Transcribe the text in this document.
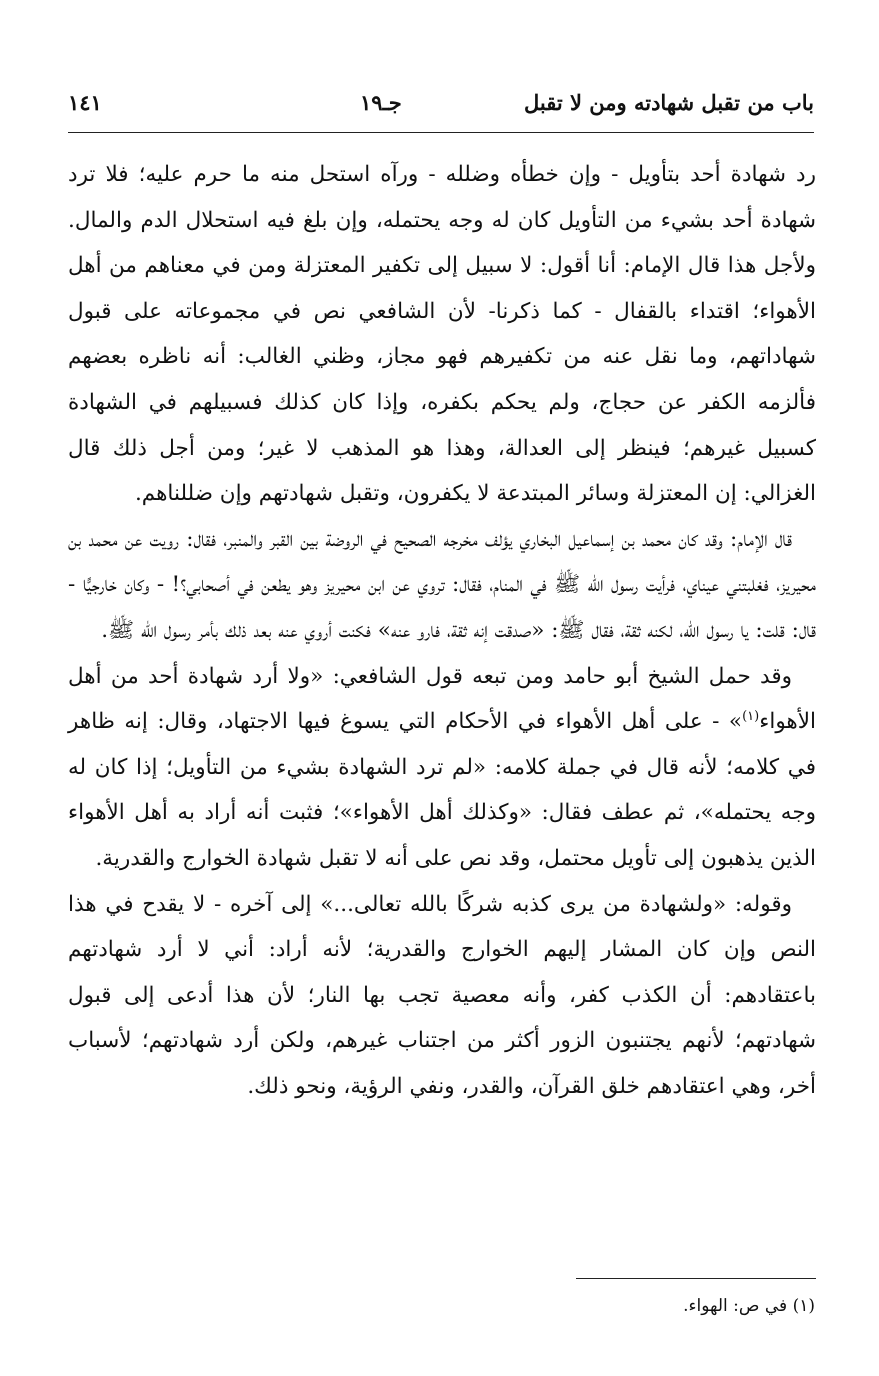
باب من تقبل شهادته ومن لا تقبل
جـ١٩
١٤١

رد شهادة أحد بتأويل - وإن خطأه وضلله - ورآه استحل منه ما حرم عليه؛ فلا ترد شهادة أحد بشيء من التأويل كان له وجه يحتمله، وإن بلغ فيه استحلال الدم والمال. ولأجل هذا قال الإمام: أنا أقول: لا سبيل إلى تكفير المعتزلة ومن في معناهم من أهل الأهواء؛ اقتداء بالقفال - كما ذكرنا- لأن الشافعي نص في مجموعاته على قبول شهاداتهم، وما نقل عنه من تكفيرهم فهو مجاز، وظني الغالب: أنه ناظره بعضهم فألزمه الكفر عن حجاج، ولم يحكم بكفره، وإذا كان كذلك فسبيلهم في الشهادة كسبيل غيرهم؛ فينظر إلى العدالة، وهذا هو المذهب لا غير؛ ومن أجل ذلك قال الغزالي: إن المعتزلة وسائر المبتدعة لا يكفرون، وتقبل شهادتهم وإن ضللناهم.

قال الإمام: وقد كان محمد بن إسماعيل البخاري يؤلف مخرجه الصحيح في الروضة بين القبر والمنبر، فقال: رويت عن محمد بن محيريز، فغلبتني عيناي، فرأيت رسول الله ﷺ في المنام، فقال: تروي عن ابن محيريز وهو يطعن في أصحابي؟! - وكان خارجيًّا - قال: قلت: يا رسول الله، لكنه ثقة، فقال ﷺ: «صدقت إنه ثقة، فارو عنه» فكنت أروي عنه بعد ذلك بأمر رسول الله ﷺ.

وقد حمل الشيخ أبو حامد ومن تبعه قول الشافعي: «ولا أرد شهادة أحد من أهل الأهواء$^{(١)}$» - على أهل الأهواء في الأحكام التي يسوغ فيها الاجتهاد، وقال: إنه ظاهر في كلامه؛ لأنه قال في جملة كلامه: «لم ترد الشهادة بشيء من التأويل؛ إذا كان له وجه يحتمله»، ثم عطف فقال: «وكذلك أهل الأهواء»؛ فثبت أنه أراد به أهل الأهواء الذين يذهبون إلى تأويل محتمل، وقد نص على أنه لا تقبل شهادة الخوارج والقدرية.

وقوله: «ولشهادة من يرى كذبه شركًا بالله تعالى...» إلى آخره - لا يقدح في هذا النص وإن كان المشار إليهم الخوارج والقدرية؛ لأنه أراد: أني لا أرد شهادتهم باعتقادهم: أن الكذب كفر، وأنه معصية تجب بها النار؛ لأن هذا أدعى إلى قبول شهادتهم؛ لأنهم يجتنبون الزور أكثر من اجتناب غيرهم، ولكن أرد شهادتهم؛ لأسباب أخر، وهي اعتقادهم خلق القرآن، والقدر، ونفي الرؤية، ونحو ذلك.

(١) في ص: الهواء.
